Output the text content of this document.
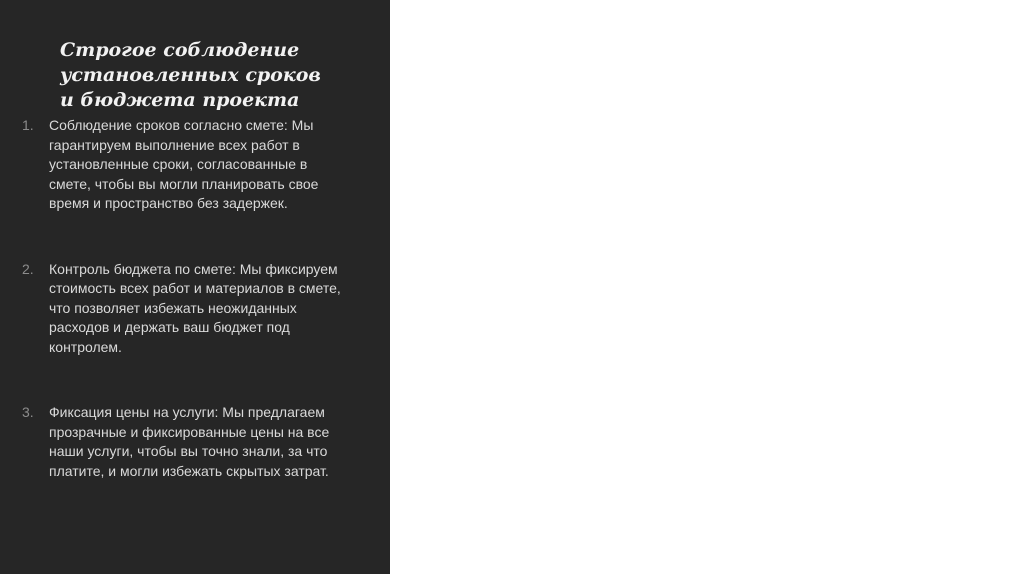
Строгое соблюдение
установленных сроков
и бюджета проекта
1.	Соблюдение сроков согласно смете: Мы
гарантируем выполнение всех работ в
установленные сроки, согласованные в
смете, чтобы вы могли планировать свое
время и пространство без задержек.
2.	Контроль бюджета по смете: Мы фиксируем
стоимость всех работ и материалов в смете,
что позволяет избежать неожиданных
расходов и держать ваш бюджет под
контролем.
3.	Фиксация цены на услуги: Мы предлагаем
прозрачные и фиксированные цены на все
наши услуги, чтобы вы точно знали, за что
платите, и могли избежать скрытых затрат.
